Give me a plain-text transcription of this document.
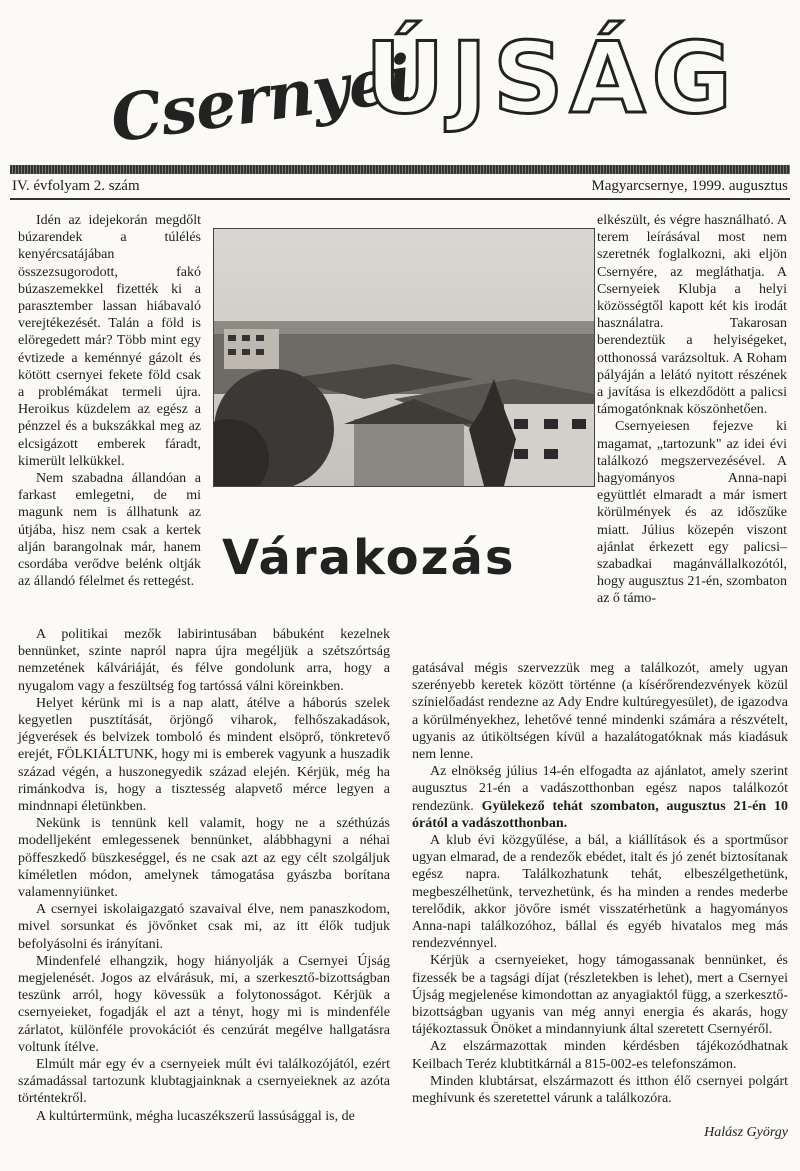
Csernyei
ÚJSÁG
IV. évfolyam 2. szám	Magyarcsernye, 1999. augusztus
Várakozás

Idén az idejekorán megdőlt búzarendek a túlélés kenyércsatájában összezsugorodott, fakó búzaszemekkel fizették ki a parasztember lassan hiábavaló verejtékezését. Talán a föld is elöregedett már? Több mint egy évtizede a keménnyé gázolt és kötött csernyei fekete föld csak a problémákat termeli újra. Heroikus küzdelem az egész a pénzzel és a bukszákkal meg az elcsigázott emberek fáradt, kimerült lelkükkel.

Nem szabadna állandóan a farkast emlegetni, de mi magunk nem is állhatunk az útjába, hisz nem csak a kertek alján barangolnak már, hanem csordába verődve belénk oltják az állandó félelmet és rettegést.

A politikai mezők labirintusában bábuként kezelnek bennünket, szinte napról napra újra megéljük a szétszórtság nemzetének kálváriáját, és félve gondolunk arra, hogy a nyugalom vagy a feszültség fog tartóssá válni köreinkben.

Helyet kérünk mi is a nap alatt, átélve a háborús szelek kegyetlen pusztítását, örjöngő viharok, felhőszakadások, jégverések és belvizek tomboló és mindent elsöprő, tönkretevő erejét, FÖLKIÁLTUNK, hogy mi is emberek vagyunk a huszadik század végén, a huszonegyedik század elején. Kérjük, még ha rimánkodva is, hogy a tisztesség alapvető mérce legyen a mindnnapi életünkben.

Nekünk is tennünk kell valamit, hogy ne a széthúzás modelljeként emlegessenek bennünket, alábbhagyni a néhai pöffeszkedő büszkeséggel, és ne csak azt az egy célt szolgáljuk kíméletlen módon, amelynek támogatása gyászba borítana valamennyiünket.

A csernyei iskolaigazgató szavaival élve, nem panaszkodom, mivel sorsunkat és jövőnket csak mi, az itt élők tudjuk befolyásolni és irányítani.

Mindenfelé elhangzik, hogy hiányolják a Csernyei Újság megjelenését. Jogos az elvárásuk, mi, a szerkesztő-bizottságban teszünk arról, hogy kövessük a folytonosságot. Kérjük a csernyeieket, fogadják el azt a tényt, hogy mi is mindenféle zárlatot, különféle provokációt és cenzúrát megélve hallgatásra voltunk ítélve.

Elmúlt már egy év a csernyeiek múlt évi találkozójától, ezért számadással tartozunk klubtagjainknak a csernyeieknek az azóta történtekről.

A kultúrtermünk, mégha lucaszékszerű lassúsággal is, de

elkészült, és végre használható. A terem leírásával most nem szeretnék foglalkozni, aki eljön Csernyére, az megláthatja. A Csernyeiek Klubja a helyi közösségtől kapott két kis irodát használatra. Takarosan berendeztük a helyiségeket, otthonossá varázsoltuk. A Roham pályáján a lelátó nyitott részének a javítása is elkezdődött a palicsi támogatónknak köszönhetően.

Csernyeiesen fejezve ki magamat, „tartozunk" az idei évi találkozó megszervezésével. A hagyományos Anna-napi együttlét elmaradt a már ismert körülmények és az időszűke miatt. Július közepén viszont ajánlat érkezett egy palicsi–szabadkai magánvállalkozótól, hogy augusztus 21-én, szombaton az ő támo-

gatásával mégis szervezzük meg a találkozót, amely ugyan szerényebb keretek között történne (a kísérőrendezvények közül színielőadást rendezne az Ady Endre kultúregyesület), de igazodva a körülményekhez, lehetővé tenné mindenki számára a részvételt, ugyanis az útiköltségen kívül a hazalátogatóknak más kiadásuk nem lenne.

Az elnökség július 14-én elfogadta az ajánlatot, amely szerint augusztus 21-én a vadászotthonban egész napos találkozót rendezünk. Gyülekező tehát szombaton, augusztus 21-én 10 órától a vadászotthonban.

A klub évi közgyűlése, a bál, a kiállítások és a sportműsor ugyan elmarad, de a rendezők ebédet, italt és jó zenét biztosítanak egész napra. Találkozhatunk tehát, elbeszélgethetünk, megbeszélhetünk, tervezhetünk, és ha minden a rendes mederbe terelődik, akkor jövőre ismét visszatérhetünk a hagyományos Anna-napi találkozóhoz, bállal és egyéb hivatalos meg más rendezvénnyel.

Kérjük a csernyeieket, hogy támogassanak bennünket, és fizessék be a tagsági díjat (részletekben is lehet), mert a Csernyei Újság megjelenése kimondottan az anyagiaktól függ, a szerkesztő-bizottságban ugyanis van még annyi energia és akarás, hogy tájékoztassuk Önöket a mindannyiunk által szeretett Csernyéről.

Az elszármazottak minden kérdésben tájékozódhatnak Keilbach Teréz klubtitkárnál a 815-002-es telefonszámon.

Minden klubtársat, elszármazott és itthon élő csernyei polgárt meghívunk és szeretettel várunk a találkozóra.

Halász György
